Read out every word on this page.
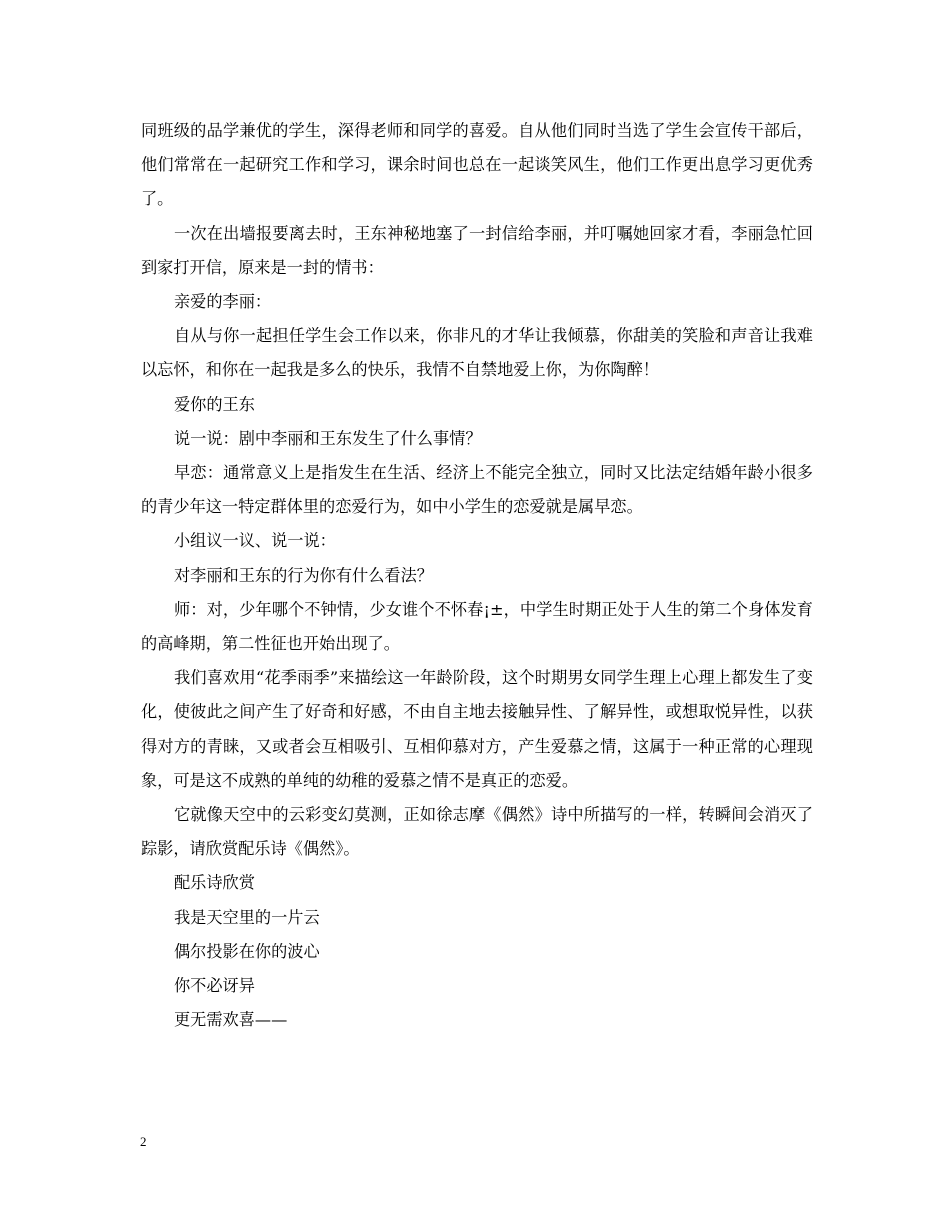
同班级的品学兼优的学生，深得老师和同学的喜爱。自从他们同时当选了学生会宣传干部后，他们常常在一起研究工作和学习，课余时间也总在一起谈笑风生，他们工作更出息学习更优秀了。

一次在出墙报要离去时，王东神秘地塞了一封信给李丽，并叮嘱她回家才看，李丽急忙回到家打开信，原来是一封的情书：

亲爱的李丽：

自从与你一起担任学生会工作以来，你非凡的才华让我倾慕，你甜美的笑脸和声音让我难以忘怀，和你在一起我是多么的快乐，我情不自禁地爱上你，为你陶醉！

爱你的王东

说一说：剧中李丽和王东发生了什么事情？

早恋：通常意义上是指发生在生活、经济上不能完全独立，同时又比法定结婚年龄小很多的青少年这一特定群体里的恋爱行为，如中小学生的恋爱就是属早恋。

小组议一议、说一说：

对李丽和王东的行为你有什么看法？

师：对，少年哪个不钟情，少女谁个不怀春¡±，中学生时期正处于人生的第二个身体发育的高峰期，第二性征也开始出现了。

我们喜欢用“花季雨季”来描绘这一年龄阶段，这个时期男女同学生理上心理上都发生了变化，使彼此之间产生了好奇和好感，不由自主地去接触异性、了解异性，或想取悦异性，以获得对方的青睐，又或者会互相吸引、互相仰慕对方，产生爱慕之情，这属于一种正常的心理现象，可是这不成熟的单纯的幼稚的爱慕之情不是真正的恋爱。

它就像天空中的云彩变幻莫测，正如徐志摩《偶然》诗中所描写的一样，转瞬间会消灭了踪影，请欣赏配乐诗《偶然》。

配乐诗欣赏

我是天空里的一片云

偶尔投影在你的波心

你不必讶异

更无需欢喜——

2
